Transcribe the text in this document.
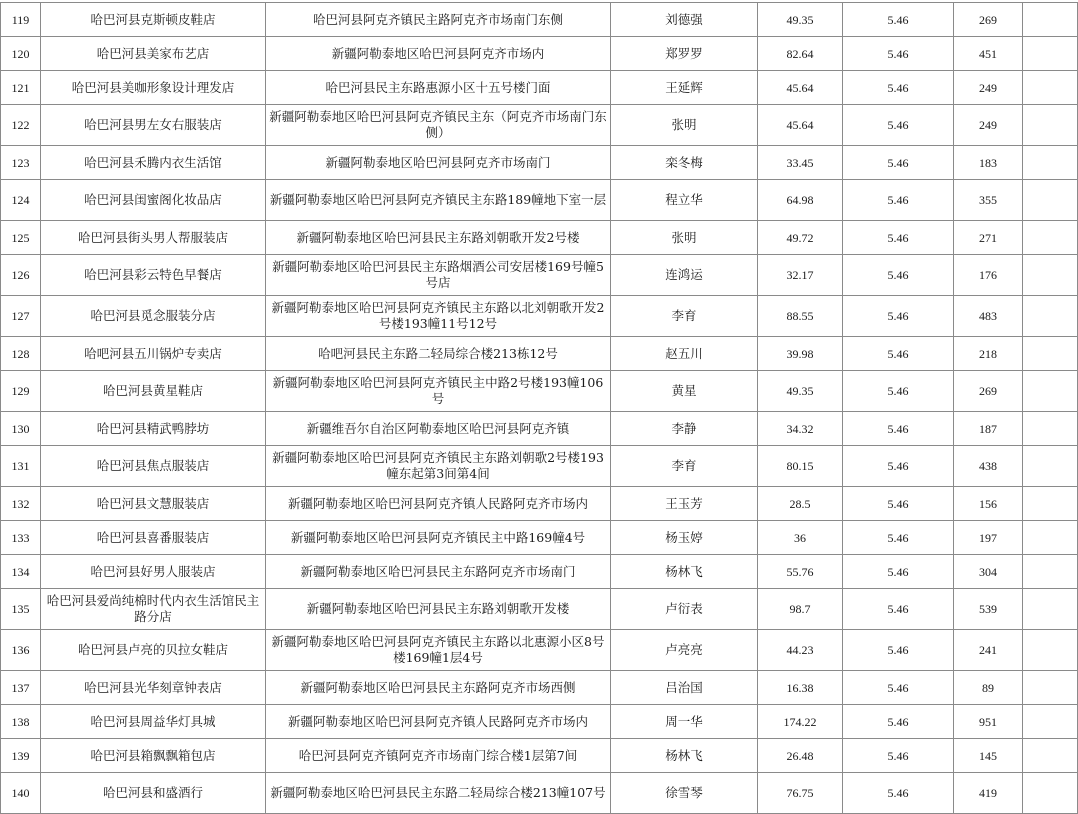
119	哈巴河县克斯顿皮鞋店	哈巴河县阿克齐镇民主路阿克齐市场南门东侧	刘德强	49.35	5.46	269	
120	哈巴河县美家布艺店	新疆阿勒泰地区哈巴河县阿克齐市场内	郑罗罗	82.64	5.46	451	
121	哈巴河县美咖形象设计理发店	哈巴河县民主东路惠源小区十五号楼门面	王延辉	45.64	5.46	249	
122	哈巴河县男左女右服装店	新疆阿勒泰地区哈巴河县阿克齐镇民主东（阿克齐市场南门东侧）	张明	45.64	5.46	249	
123	哈巴河县禾腾内衣生活馆	新疆阿勒泰地区哈巴河县阿克齐市场南门	栾冬梅	33.45	5.46	183	
124	哈巴河县闺蜜阁化妆品店	新疆阿勒泰地区哈巴河县阿克齐镇民主东路189幢地下室一层	程立华	64.98	5.46	355	
125	哈巴河县街头男人帮服装店	新疆阿勒泰地区哈巴河县民主东路刘朝歌开发2号楼	张明	49.72	5.46	271	
126	哈巴河县彩云特色早餐店	新疆阿勒泰地区哈巴河县民主东路烟酒公司安居楼169号幢5号店	连鸿运	32.17	5.46	176	
127	哈巴河县觅念服装分店	新疆阿勒泰地区哈巴河县阿克齐镇民主东路以北刘朝歌开发2号楼193幢11号12号	李育	88.55	5.46	483	
128	哈吧河县五川锅炉专卖店	哈吧河县民主东路二轻局综合楼213栋12号	赵五川	39.98	5.46	218	
129	哈巴河县黄星鞋店	新疆阿勒泰地区哈巴河县阿克齐镇民主中路2号楼193幢106号	黄星	49.35	5.46	269	
130	哈巴河县精武鸭脖坊	新疆维吾尔自治区阿勒泰地区哈巴河县阿克齐镇	李静	34.32	5.46	187	
131	哈巴河县焦点服装店	新疆阿勒泰地区哈巴河县阿克齐镇民主东路刘朝歌2号楼193幢东起第3间第4间	李育	80.15	5.46	438	
132	哈巴河县文慧服装店	新疆阿勒泰地区哈巴河县阿克齐镇人民路阿克齐市场内	王玉芳	28.5	5.46	156	
133	哈巴河县喜番服装店	新疆阿勒泰地区哈巴河县阿克齐镇民主中路169幢4号	杨玉婷	36	5.46	197	
134	哈巴河县好男人服装店	新疆阿勒泰地区哈巴河县民主东路阿克齐市场南门	杨林飞	55.76	5.46	304	
135	哈巴河县爱尚纯棉时代内衣生活馆民主路分店	新疆阿勒泰地区哈巴河县民主东路刘朝歌开发楼	卢衍表	98.7	5.46	539	
136	哈巴河县卢亮的贝拉女鞋店	新疆阿勒泰地区哈巴河县阿克齐镇民主东路以北惠源小区8号楼169幢1层4号	卢亮亮	44.23	5.46	241	
137	哈巴河县光华刻章钟表店	新疆阿勒泰地区哈巴河县民主东路阿克齐市场西侧	吕治国	16.38	5.46	89	
138	哈巴河县周益华灯具城	新疆阿勒泰地区哈巴河县阿克齐镇人民路阿克齐市场内	周一华	174.22	5.46	951	
139	哈巴河县箱飘飘箱包店	哈巴河县阿克齐镇阿克齐市场南门综合楼1层第7间	杨林飞	26.48	5.46	145	
140	哈巴河县和盛酒行	新疆阿勒泰地区哈巴河县民主东路二轻局综合楼213幢107号	徐雪琴	76.75	5.46	419	
